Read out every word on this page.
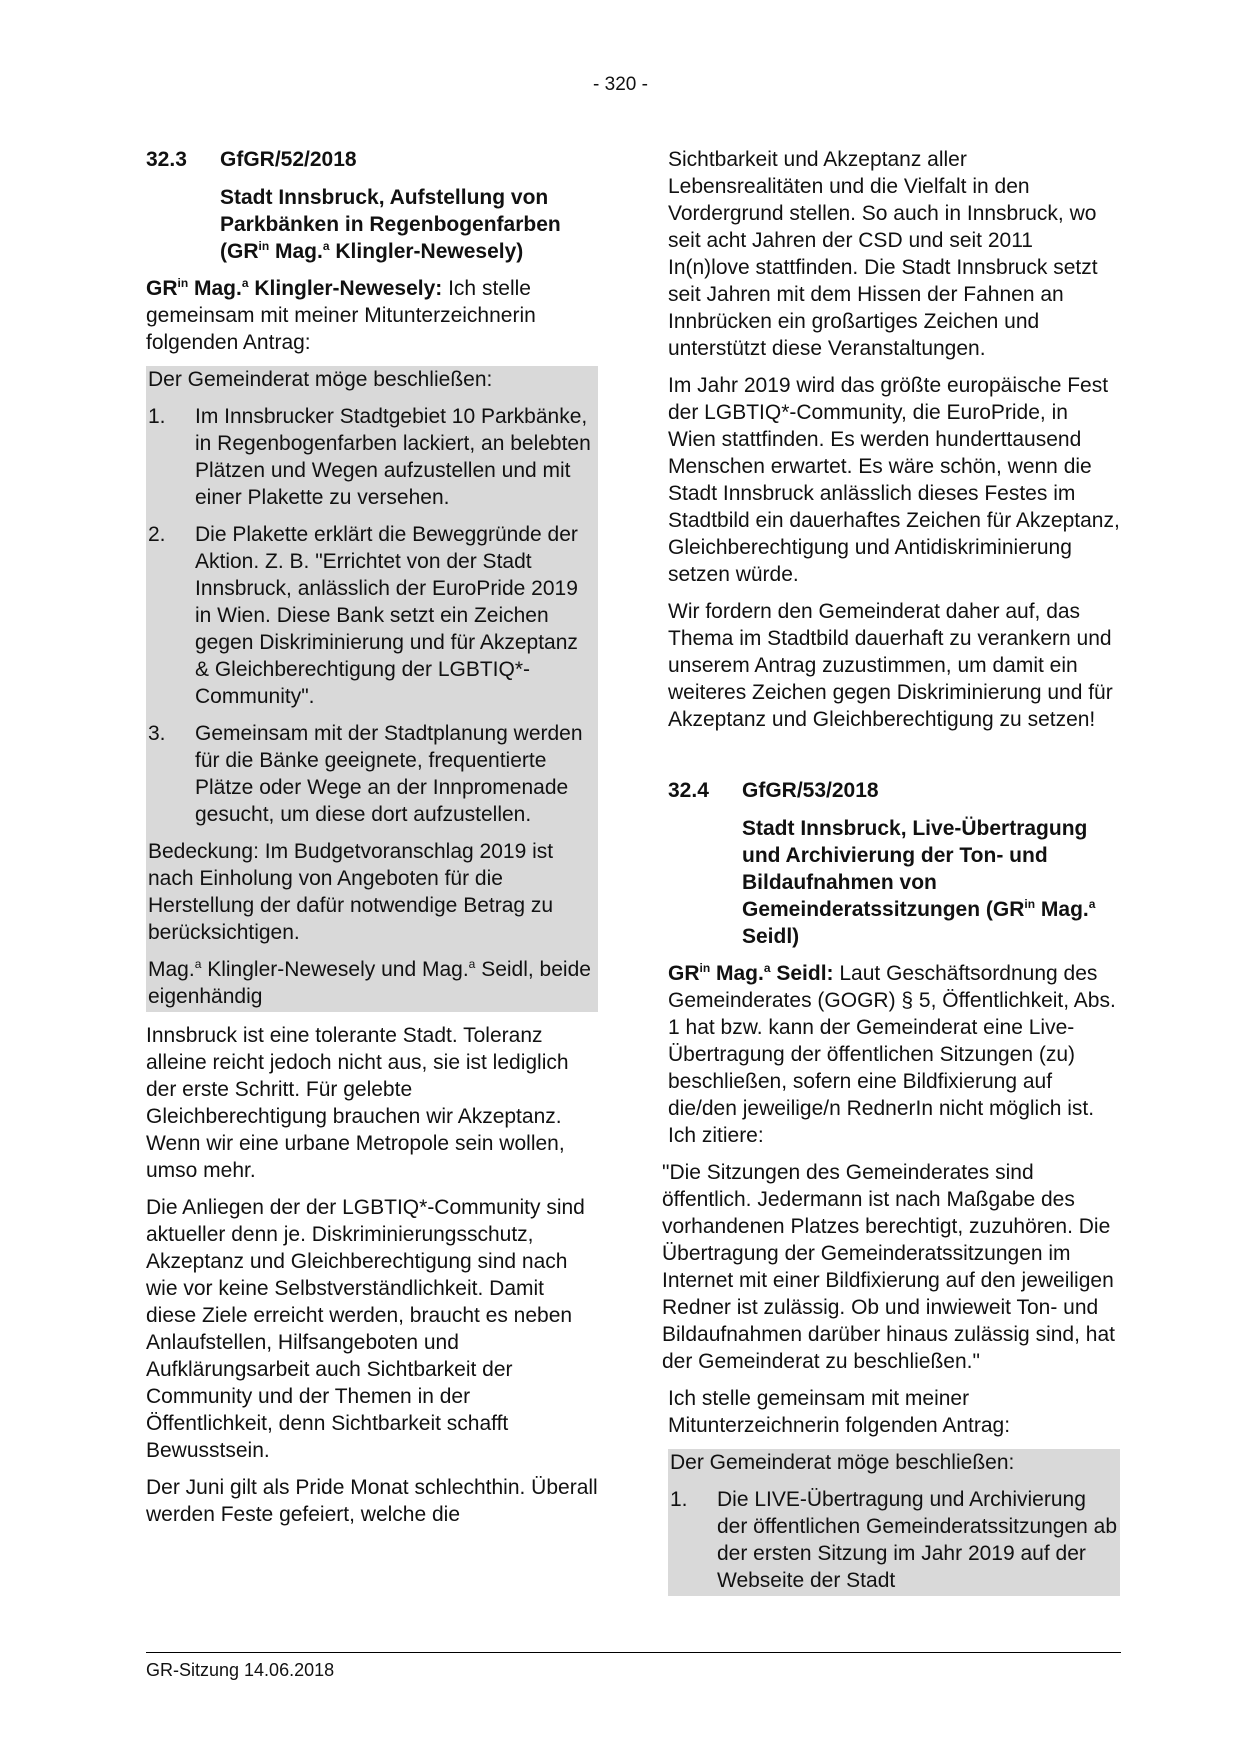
- 320 -
32.3	GfGR/52/2018
Stadt Innsbruck, Aufstellung von Parkbänken in Regenbogenfarben ($GR^{in}$ Mag.$^a$ Klingler-Newesely)

$GR^{in}$ Mag.$^a$ Klingler-Newesely: Ich stelle gemeinsam mit meiner Mitunterzeichnerin folgenden Antrag:

Der Gemeinderat möge beschließen:

1.	Im Innsbrucker Stadtgebiet 10 Parkbänke, in Regenbogenfarben lackiert, an belebten Plätzen und Wegen aufzustellen und mit einer Plakette zu versehen.
2.	Die Plakette erklärt die Beweggründe der Aktion. Z. B. "Errichtet von der Stadt Innsbruck, anlässlich der EuroPride 2019 in Wien. Diese Bank setzt ein Zeichen gegen Diskriminierung und für Akzeptanz & Gleichberechtigung der LGBTIQ*-Community".
3.	Gemeinsam mit der Stadtplanung werden für die Bänke geeignete, frequentierte Plätze oder Wege an der Innpromenade gesucht, um diese dort aufzustellen.

Bedeckung: Im Budgetvoranschlag 2019 ist nach Einholung von Angeboten für die Herstellung der dafür notwendige Betrag zu berücksichtigen.

Mag.$^a$ Klingler-Newesely und Mag.$^a$ Seidl, beide eigenhändig

Innsbruck ist eine tolerante Stadt. Toleranz alleine reicht jedoch nicht aus, sie ist lediglich der erste Schritt. Für gelebte Gleichberechtigung brauchen wir Akzeptanz. Wenn wir eine urbane Metropole sein wollen, umso mehr.

Die Anliegen der der LGBTIQ*-Community sind aktueller denn je. Diskriminierungsschutz, Akzeptanz und Gleichberechtigung sind nach wie vor keine Selbstverständlichkeit. Damit diese Ziele erreicht werden, braucht es neben Anlaufstellen, Hilfsangeboten und Aufklärungsarbeit auch Sichtbarkeit der Community und der Themen in der Öffentlichkeit, denn Sichtbarkeit schafft Bewusstsein.

Der Juni gilt als Pride Monat schlechthin. Überall werden Feste gefeiert, welche die

Sichtbarkeit und Akzeptanz aller Lebensrealitäten und die Vielfalt in den Vordergrund stellen. So auch in Innsbruck, wo seit acht Jahren der CSD und seit 2011 In(n)love stattfinden. Die Stadt Innsbruck setzt seit Jahren mit dem Hissen der Fahnen an Innbrücken ein großartiges Zeichen und unterstützt diese Veranstaltungen.

Im Jahr 2019 wird das größte europäische Fest der LGBTIQ*-Community, die EuroPride, in Wien stattfinden. Es werden hunderttausend Menschen erwartet. Es wäre schön, wenn die Stadt Innsbruck anlässlich dieses Festes im Stadtbild ein dauerhaftes Zeichen für Akzeptanz, Gleichberechtigung und Antidiskriminierung setzen würde.

Wir fordern den Gemeinderat daher auf, das Thema im Stadtbild dauerhaft zu verankern und unserem Antrag zuzustimmen, um damit ein weiteres Zeichen gegen Diskriminierung und für Akzeptanz und Gleichberechtigung zu setzen!

32.4	GfGR/53/2018
Stadt Innsbruck, Live-Übertragung und Archivierung der Ton- und Bildaufnahmen von Gemeinderatssitzungen ($GR^{in}$ Mag.$^a$ Seidl)

$GR^{in}$ Mag.$^a$ Seidl: Laut Geschäftsordnung des Gemeinderates (GOGR) § 5, Öffentlichkeit, Abs. 1 hat bzw. kann der Gemeinderat eine Live-Übertragung der öffentlichen Sitzungen (zu) beschließen, sofern eine Bildfixierung auf die/den jeweilige/n RednerIn nicht möglich ist. Ich zitiere:

"Die Sitzungen des Gemeinderates sind öffentlich. Jedermann ist nach Maßgabe des vorhandenen Platzes berechtigt, zuzuhören. Die Übertragung der Gemeinderatssitzungen im Internet mit einer Bildfixierung auf den jeweiligen Redner ist zulässig. Ob und inwieweit Ton- und Bildaufnahmen darüber hinaus zulässig sind, hat der Gemeinderat zu beschließen."

Ich stelle gemeinsam mit meiner Mitunterzeichnerin folgenden Antrag:

Der Gemeinderat möge beschließen:

1.	Die LIVE-Übertragung und Archivierung der öffentlichen Gemeinderatssitzungen ab der ersten Sitzung im Jahr 2019 auf der Webseite der Stadt
GR-Sitzung 14.06.2018
